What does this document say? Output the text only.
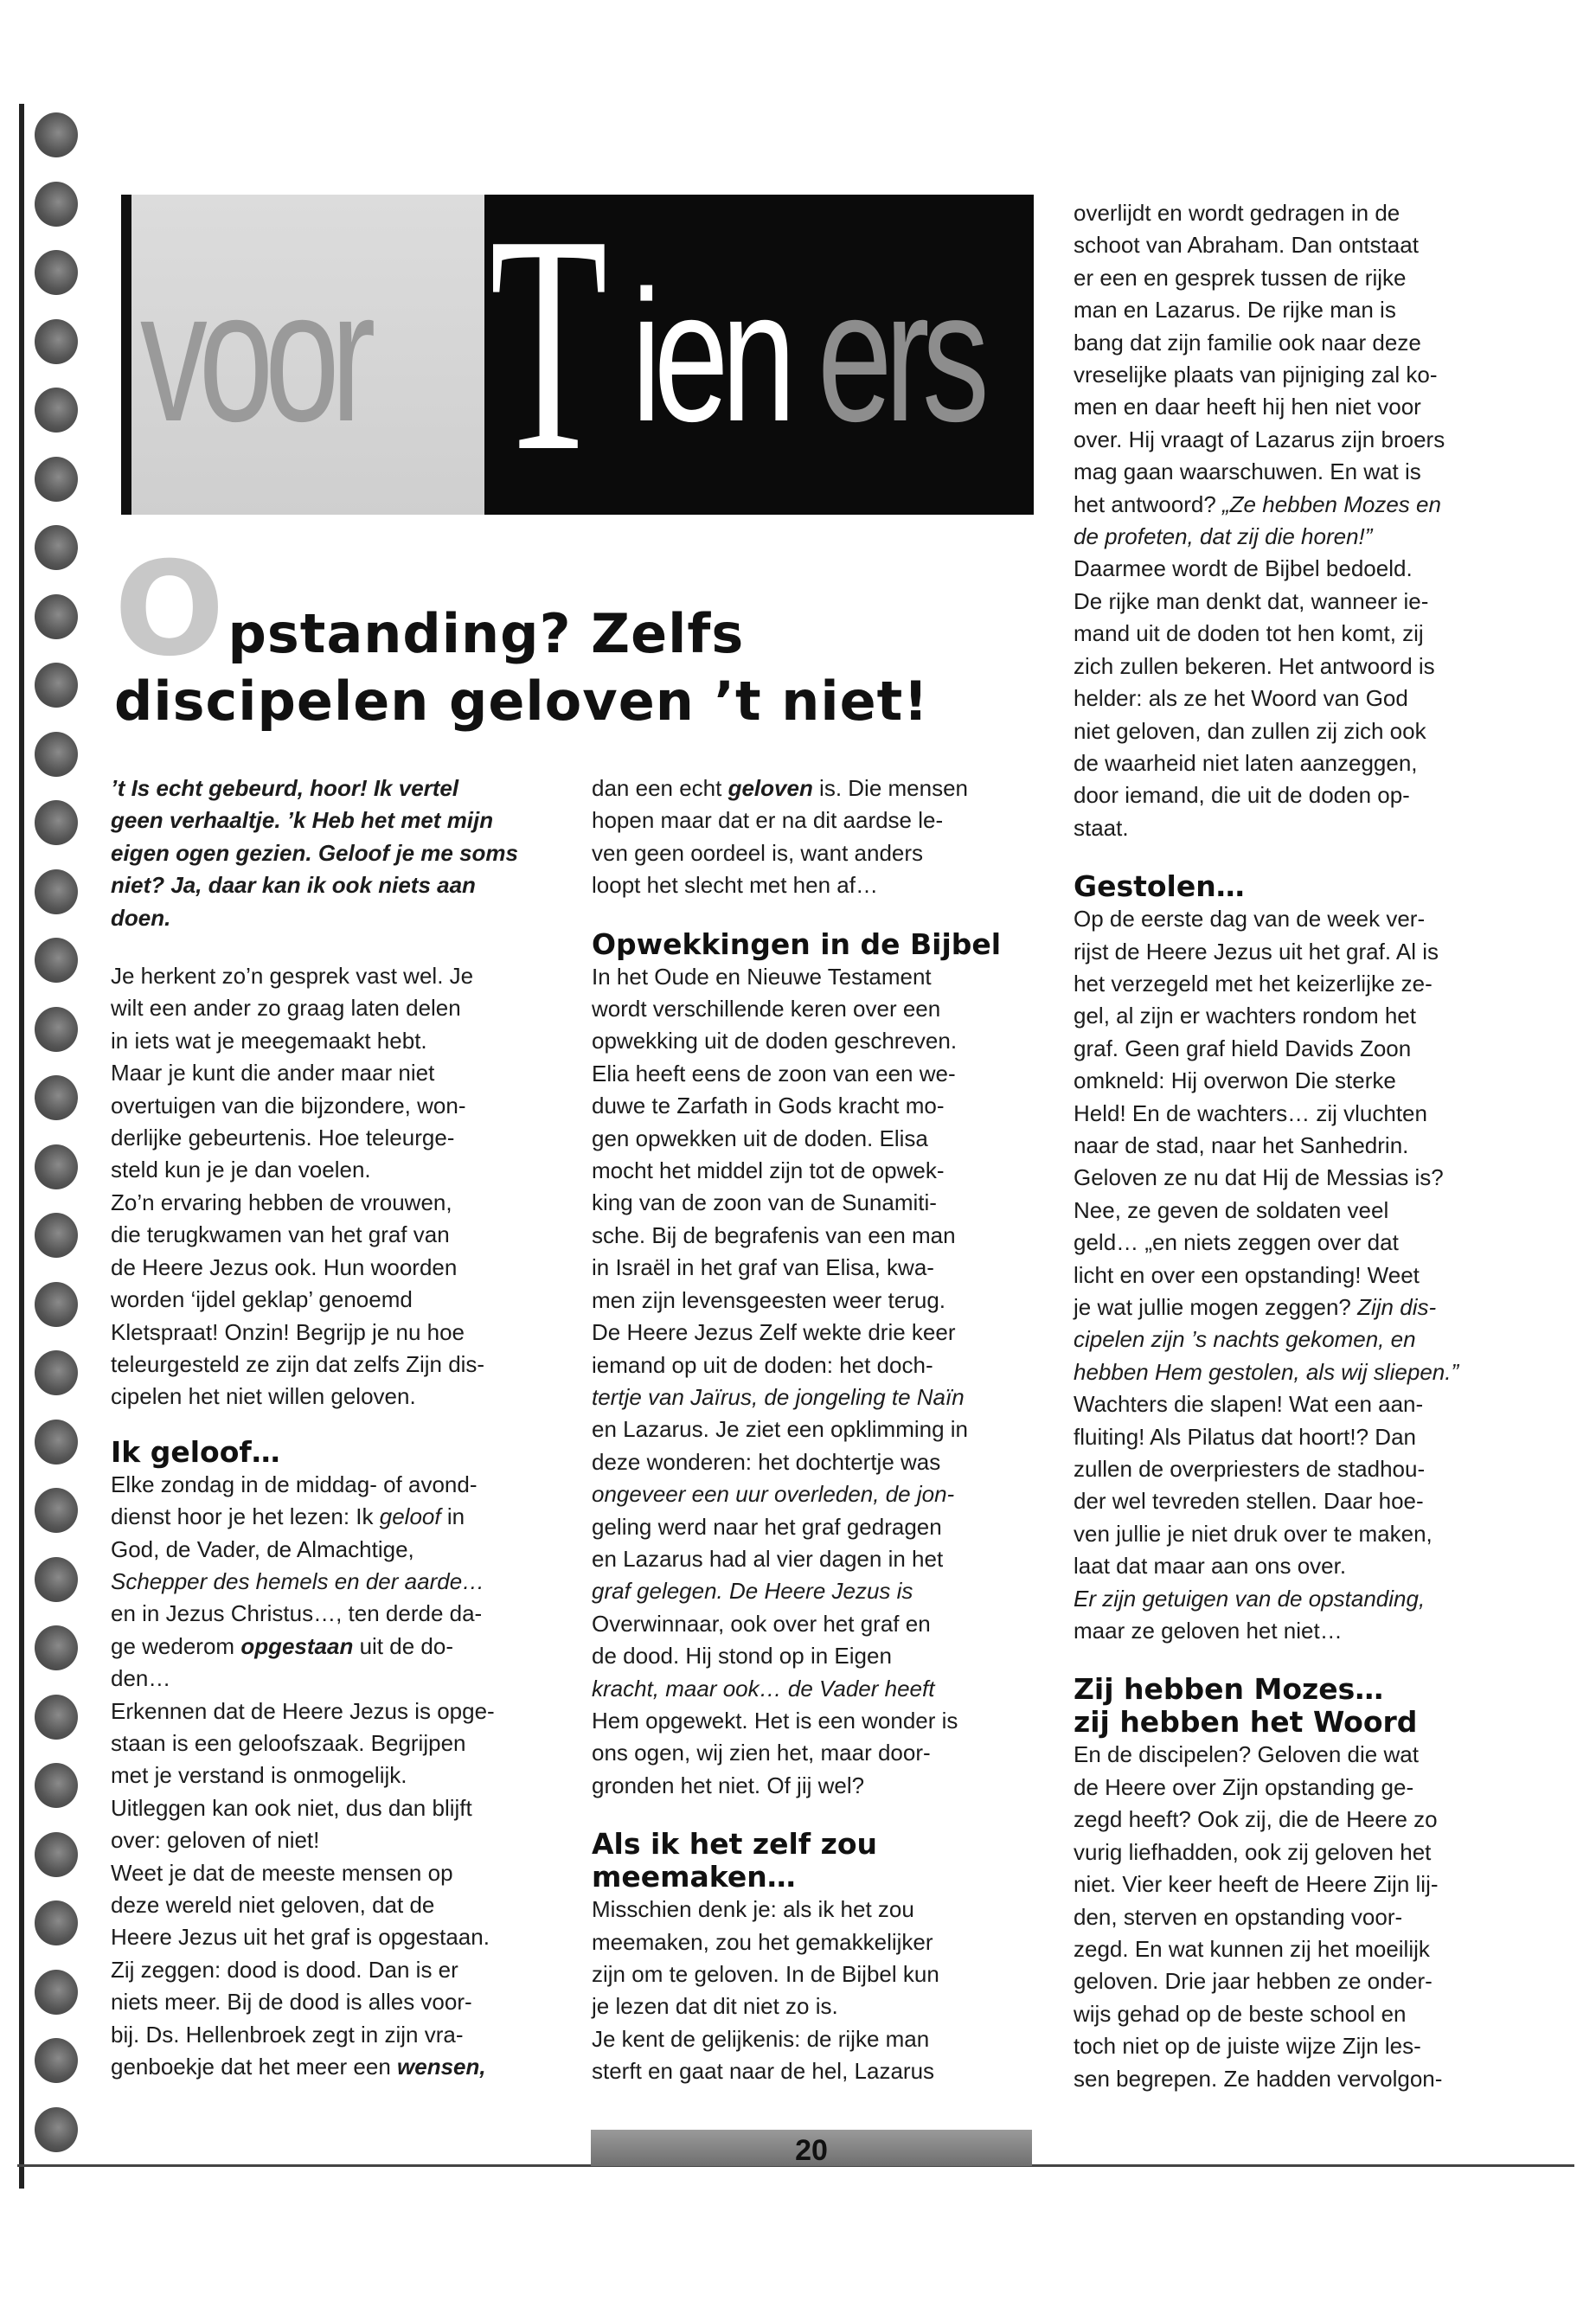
voor T ien ers
O pstanding? Zelfs
discipelen geloven ’t niet!

’t Is echt gebeurd, hoor! Ik vertel

geen verhaaltje. ’k Heb het met mijn

eigen ogen gezien. Geloof je me soms

niet? Ja, daar kan ik ook niets aan

doen.

Je herkent zo’n gesprek vast wel. Je

wilt een ander zo graag laten delen

in iets wat je meegemaakt hebt.

Maar je kunt die ander maar niet

overtuigen van die bijzondere, won-

derlijke gebeurtenis. Hoe teleurge-

steld kun je je dan voelen.

Zo’n ervaring hebben de vrouwen,

die terugkwamen van het graf van

de Heere Jezus ook. Hun woorden

worden ‘ijdel geklap’ genoemd

Kletspraat! Onzin! Begrijp je nu hoe

teleurgesteld ze zijn dat zelfs Zijn dis-

cipelen het niet willen geloven.

Ik geloof…

Elke zondag in de middag- of avond-

dienst hoor je het lezen: Ik geloof in

God, de Vader, de Almachtige,

Schepper des hemels en der aarde…

en in Jezus Christus…, ten derde da-

ge wederom opgestaan uit de do-

den…

Erkennen dat de Heere Jezus is opge-

staan is een geloofszaak. Begrijpen

met je verstand is onmogelijk.

Uitleggen kan ook niet, dus dan blijft

over: geloven of niet!

Weet je dat de meeste mensen op

deze wereld niet geloven, dat de

Heere Jezus uit het graf is opgestaan.

Zij zeggen: dood is dood. Dan is er

niets meer. Bij de dood is alles voor-

bij. Ds. Hellenbroek zegt in zijn vra-

genboekje dat het meer een wensen,

dan een echt geloven is. Die mensen

hopen maar dat er na dit aardse le-

ven geen oordeel is, want anders

loopt het slecht met hen af…

Opwekkingen in de Bijbel

In het Oude en Nieuwe Testament

wordt verschillende keren over een

opwekking uit de doden geschreven.

Elia heeft eens de zoon van een we-

duwe te Zarfath in Gods kracht mo-

gen opwekken uit de doden. Elisa

mocht het middel zijn tot de opwek-

king van de zoon van de Sunamiti-

sche. Bij de begrafenis van een man

in Israël in het graf van Elisa, kwa-

men zijn levensgeesten weer terug.

De Heere Jezus Zelf wekte drie keer

iemand op uit de doden: het doch-

tertje van Jaïrus, de jongeling te Naïn

en Lazarus. Je ziet een opklimming in

deze wonderen: het dochtertje was

ongeveer een uur overleden, de jon-

geling werd naar het graf gedragen

en Lazarus had al vier dagen in het

graf gelegen. De Heere Jezus is

Overwinnaar, ook over het graf en

de dood. Hij stond op in Eigen

kracht, maar ook… de Vader heeft

Hem opgewekt. Het is een wonder is

ons ogen, wij zien het, maar door-

gronden het niet. Of jij wel?

Als ik het zelf zou
meemaken…

Misschien denk je: als ik het zou

meemaken, zou het gemakkelijker

zijn om te geloven. In de Bijbel kun

je lezen dat dit niet zo is.

Je kent de gelijkenis: de rijke man

sterft en gaat naar de hel, Lazarus

overlijdt en wordt gedragen in de

schoot van Abraham. Dan ontstaat

er een en gesprek tussen de rijke

man en Lazarus. De rijke man is

bang dat zijn familie ook naar deze

vreselijke plaats van pijniging zal ko-

men en daar heeft hij hen niet voor

over. Hij vraagt of Lazarus zijn broers

mag gaan waarschuwen. En wat is

het antwoord? „Ze hebben Mozes en

de profeten, dat zij die horen!”

Daarmee wordt de Bijbel bedoeld.

De rijke man denkt dat, wanneer ie-

mand uit de doden tot hen komt, zij

zich zullen bekeren. Het antwoord is

helder: als ze het Woord van God

niet geloven, dan zullen zij zich ook

de waarheid niet laten aanzeggen,

door iemand, die uit de doden op-

staat.

Gestolen…

Op de eerste dag van de week ver-

rijst de Heere Jezus uit het graf. Al is

het verzegeld met het keizerlijke ze-

gel, al zijn er wachters rondom het

graf. Geen graf hield Davids Zoon

omkneld: Hij overwon Die sterke

Held! En de wachters… zij vluchten

naar de stad, naar het Sanhedrin.

Geloven ze nu dat Hij de Messias is?

Nee, ze geven de soldaten veel

geld… „en niets zeggen over dat

licht en over een opstanding! Weet

je wat jullie mogen zeggen? Zijn dis-

cipelen zijn ’s nachts gekomen, en

hebben Hem gestolen, als wij sliepen.”

Wachters die slapen! Wat een aan-

fluiting! Als Pilatus dat hoort!? Dan

zullen de overpriesters de stadhou-

der wel tevreden stellen. Daar hoe-

ven jullie je niet druk over te maken,

laat dat maar aan ons over.

Er zijn getuigen van de opstanding,

maar ze geloven het niet…

Zij hebben Mozes…
zij hebben het Woord

En de discipelen? Geloven die wat

de Heere over Zijn opstanding ge-

zegd heeft? Ook zij, die de Heere zo

vurig liefhadden, ook zij geloven het

niet. Vier keer heeft de Heere Zijn lij-

den, sterven en opstanding voor-

zegd. En wat kunnen zij het moeilijk

geloven. Drie jaar hebben ze onder-

wijs gehad op de beste school en

toch niet op de juiste wijze Zijn les-

sen begrepen. Ze hadden vervolgon-

20
